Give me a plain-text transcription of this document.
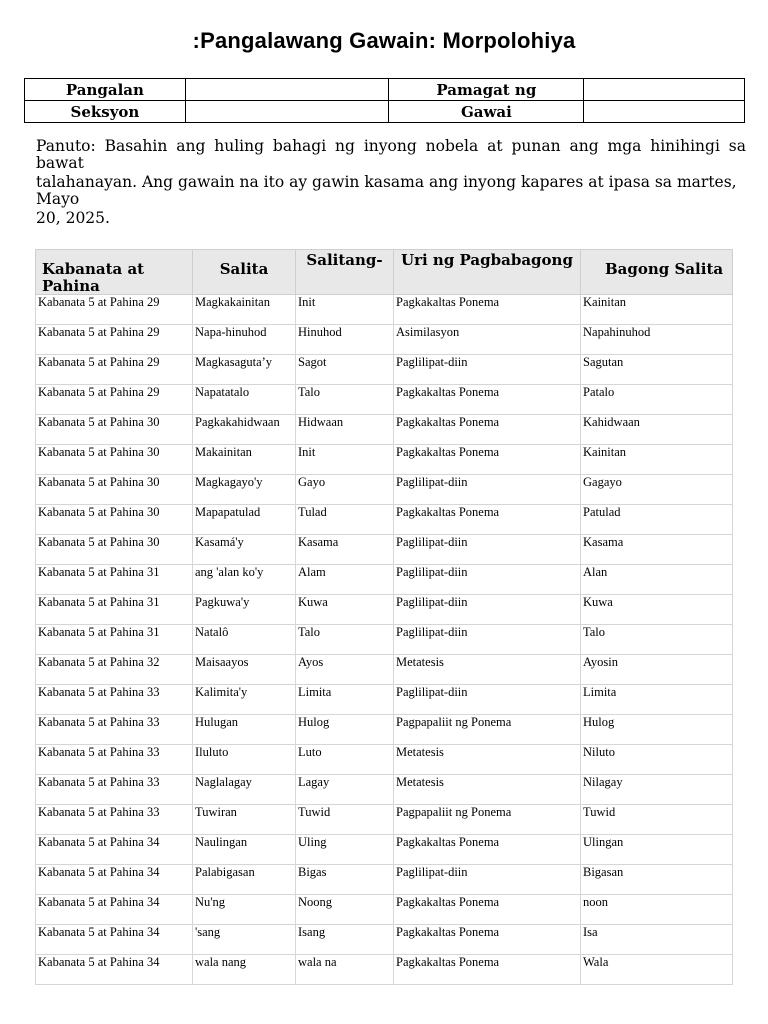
:Pangalawang Gawain: Morpolohiya
Pangalan		Pamagat ng	
Seksyon		Gawai	

Panuto: Basahin ang huling bahagi ng inyong nobela at punan ang mga hinihingi sa bawat

talahanayan. Ang gawain na ito ay gawin kasama ang inyong kapares at ipasa sa martes, Mayo

20, 2025.

Kabanata at Pahina	Salita	Salitang-	Uri ng Pagbabagong	Bagong Salita

Kabanata 5 at Pahina 29	Magkakainitan	Init	Pagkakaltas Ponema	Kainitan
Kabanata 5 at Pahina 29	Napa-hinuhod	Hinuhod	Asimilasyon	Napahinuhod
Kabanata 5 at Pahina 29	Magkasaguta’y	Sagot	Paglilipat-diin	Sagutan
Kabanata 5 at Pahina 29	Napatatalo	Talo	Pagkakaltas Ponema	Patalo
Kabanata 5 at Pahina 30	Pagkakahidwaan	Hidwaan	Pagkakaltas Ponema	Kahidwaan
Kabanata 5 at Pahina 30	Makainitan	Init	Pagkakaltas Ponema	Kainitan
Kabanata 5 at Pahina 30	Magkagayo'y	Gayo	Paglilipat-diin	Gagayo
Kabanata 5 at Pahina 30	Mapapatulad	Tulad	Pagkakaltas Ponema	Patulad
Kabanata 5 at Pahina 30	Kasamá'y	Kasama	Paglilipat-diin	Kasama
Kabanata 5 at Pahina 31	ang 'alan ko'y	Alam	Paglilipat-diin	Alan
Kabanata 5 at Pahina 31	Pagkuwa'y	Kuwa	Paglilipat-diin	Kuwa
Kabanata 5 at Pahina 31	Natalô	Talo	Paglilipat-diin	Talo
Kabanata 5 at Pahina 32	Maisaayos	Ayos	Metatesis	Ayosin
Kabanata 5 at Pahina 33	Kalimita'y	Limita	Paglilipat-diin	Limita
Kabanata 5 at Pahina 33	Hulugan	Hulog	Pagpapaliit ng Ponema	Hulog
Kabanata 5 at Pahina 33	Iluluto	Luto	Metatesis	Niluto
Kabanata 5 at Pahina 33	Naglalagay	Lagay	Metatesis	Nilagay
Kabanata 5 at Pahina 33	Tuwiran	Tuwid	Pagpapaliit ng Ponema	Tuwid
Kabanata 5 at Pahina 34	Naulingan	Uling	Pagkakaltas Ponema	Ulingan
Kabanata 5 at Pahina 34	Palabigasan	Bigas	Paglilipat-diin	Bigasan
Kabanata 5 at Pahina 34	Nu'ng	Noong	Pagkakaltas Ponema	noon
Kabanata 5 at Pahina 34	'sang	Isang	Pagkakaltas Ponema	Isa
Kabanata 5 at Pahina 34	wala nang	wala na	Pagkakaltas Ponema	Wala
